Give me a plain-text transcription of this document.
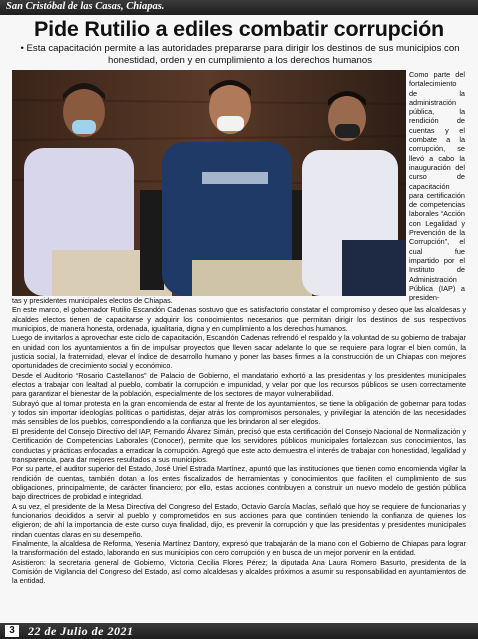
San Cristóbal de las Casas, Chiapas.
Pide Rutilio a ediles combatir corrupción
• Esta capacitación permite a las autoridades prepararse para dirigir los destinos de sus municipios con honestidad, orden y en cumplimiento a los derechos humanos
Como parte del fortalecimiento de la administración pública, la rendición de cuentas y el combate a la corrupción, se llevó a cabo la inauguración del curso de capacitación para certificación de competencias laborales “Acción con Legalidad y Prevención de la Corrupción”, el cual fue impartido por el Instituto de Administración Pública (IAP) a presiden-

tas y presidentes municipales electos de Chiapas.

En este marco, el gobernador Rutilio Escandón Cadenas sostuvo que es satisfactorio constatar el compromiso y deseo que las alcaldesas y alcaldes electos tienen de capacitarse y adquirir los conocimientos necesarios que permitan dirigir los destinos de sus respectivos municipios, de manera honesta, ordenada, igualitaria, digna y en cumplimiento a los derechos humanos.

Luego de invitarlos a aprovechar este ciclo de capacitación, Escandón Cadenas refrendó el respaldo y la voluntad de su gobierno de trabajar en unidad con los ayuntamientos a fin de impulsar proyectos que lleven sacar adelante lo que se requiere para lograr el bien común, la justicia social, la fraternidad, elevar el índice de desarrollo humano y poner las bases firmes a la construcción de un Chiapas con mejores oportunidades de crecimiento social y económico.

Desde el Auditorio “Rosario Castellanos” de Palacio de Gobierno, el mandatario exhortó a las presidentas y los presidentes municipales electos a trabajar con lealtad al pueblo, combatir la corrupción e impunidad, y velar por que los recursos públicos se usen correctamente para garantizar el bienestar de la población, especialmente de los sectores de mayor vulnerabilidad.

Subrayó que al tomar protesta en la gran encomienda de estar al frente de los ayuntamientos, se tiene la obligación de gobernar para todas y todos sin importar ideologías políticas o partidistas, dejar atrás los compromisos personales, y privilegiar la atención de las necesidades más sensibles de los pueblos, correspondiendo a la confianza que les brindaron al ser elegidos.

El presidente del Consejo Directivo del IAP, Fernando Álvarez Simán, precisó que esta certificación del Consejo Nacional de Normalización y Certificación de Competencias Laborales (Conocer), permite que los servidores públicos municipales fortalezcan sus conocimientos, las conductas y prácticas enfocadas a erradicar la corrupción. Agregó que este acto demuestra el interés de trabajar con honestidad, legalidad y transparencia, para dar mejores resultados a sus municipios.

Por su parte, el auditor superior del Estado, José Uriel Estrada Martínez, apuntó que las instituciones que tienen como encomienda vigilar la rendición de cuentas, también dotan a los entes fiscalizados de herramientas y conocimientos que faciliten el cumplimiento de sus obligaciones, principalmente, de carácter financiero; por ello, estas acciones contribuyen a construir un nuevo modelo de gestión pública bajo directrices de probidad e integridad.

A su vez, el presidente de la Mesa Directiva del Congreso del Estado, Octavio García Macías, señaló que hoy se requiere de funcionarias y funcionarios decididos a servir al pueblo y comprometidos en sus acciones para que continúen teniendo la confianza de quienes los eligieron; de ahí la importancia de este curso cuya finalidad, dijo, es prevenir la corrupción y que las presidentas y presidentes municipales rindan cuentas claras en su desempeño.

Finalmente, la alcaldesa de Reforma, Yesenia Martínez Dantory, expresó que trabajarán de la mano con el Gobierno de Chiapas para lograr la transformación del estado, laborando en sus municipios con cero corrupción y en busca de un mejor porvenir en la entidad.

Asistieron: la secretaria general de Gobierno, Victoria Cecilia Flores Pérez; la diputada Ana Laura Romero Basurto, presidenta de la Comisión de Vigilancia del Congreso del Estado, así como alcaldesas y alcaldes próximos a asumir su responsabilidad en ayuntamientos de la entidad.

3	22 de Julio de 2021
